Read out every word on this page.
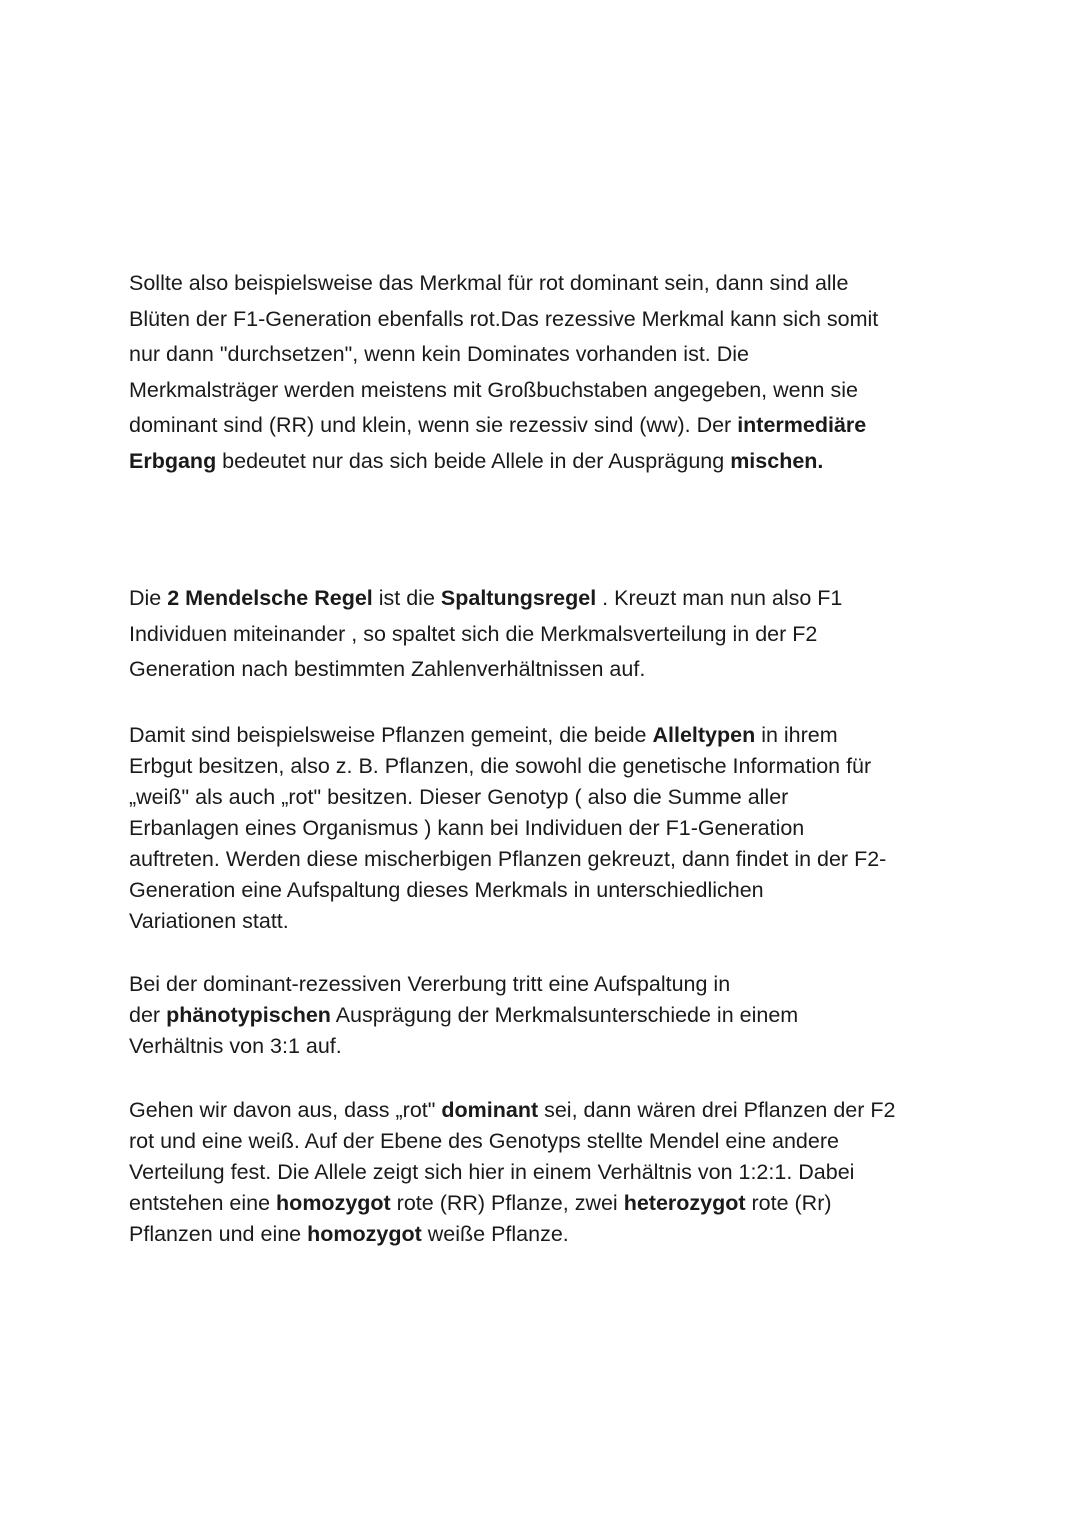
Sollte also beispielsweise das Merkmal für rot dominant sein, dann sind alle
Blüten der F1-Generation ebenfalls rot.Das rezessive Merkmal kann sich somit
nur dann "durchsetzen", wenn kein Dominates vorhanden ist. Die
Merkmalsträger werden meistens mit Großbuchstaben angegeben, wenn sie
dominant sind (RR) und klein, wenn sie rezessiv sind (ww). Der intermediäre
Erbgang bedeutet nur das sich beide Allele in der Ausprägung mischen.

Die 2 Mendelsche Regel ist die Spaltungsregel . Kreuzt man nun also F1
Individuen miteinander , so spaltet sich die Merkmalsverteilung in der F2
Generation nach bestimmten Zahlenverhältnissen auf.

Damit sind beispielsweise Pflanzen gemeint, die beide Alleltypen in ihrem
Erbgut besitzen, also z. B. Pflanzen, die sowohl die genetische Information für
„weiß" als auch „rot" besitzen. Dieser Genotyp ( also die Summe aller
Erbanlagen eines Organismus ) kann bei Individuen der F1-Generation
auftreten. Werden diese mischerbigen Pflanzen gekreuzt, dann findet in der F2-
Generation eine Aufspaltung dieses Merkmals in unterschiedlichen
Variationen statt.

Bei der dominant-rezessiven Vererbung tritt eine Aufspaltung in
der phänotypischen Ausprägung der Merkmalsunterschiede in einem
Verhältnis von 3:1 auf.

Gehen wir davon aus, dass „rot" dominant sei, dann wären drei Pflanzen der F2
rot und eine weiß. Auf der Ebene des Genotyps stellte Mendel eine andere
Verteilung fest. Die Allele zeigt sich hier in einem Verhältnis von 1:2:1. Dabei
entstehen eine homozygot rote (RR) Pflanze, zwei heterozygot rote (Rr)
Pflanzen und eine homozygot weiße Pflanze.
